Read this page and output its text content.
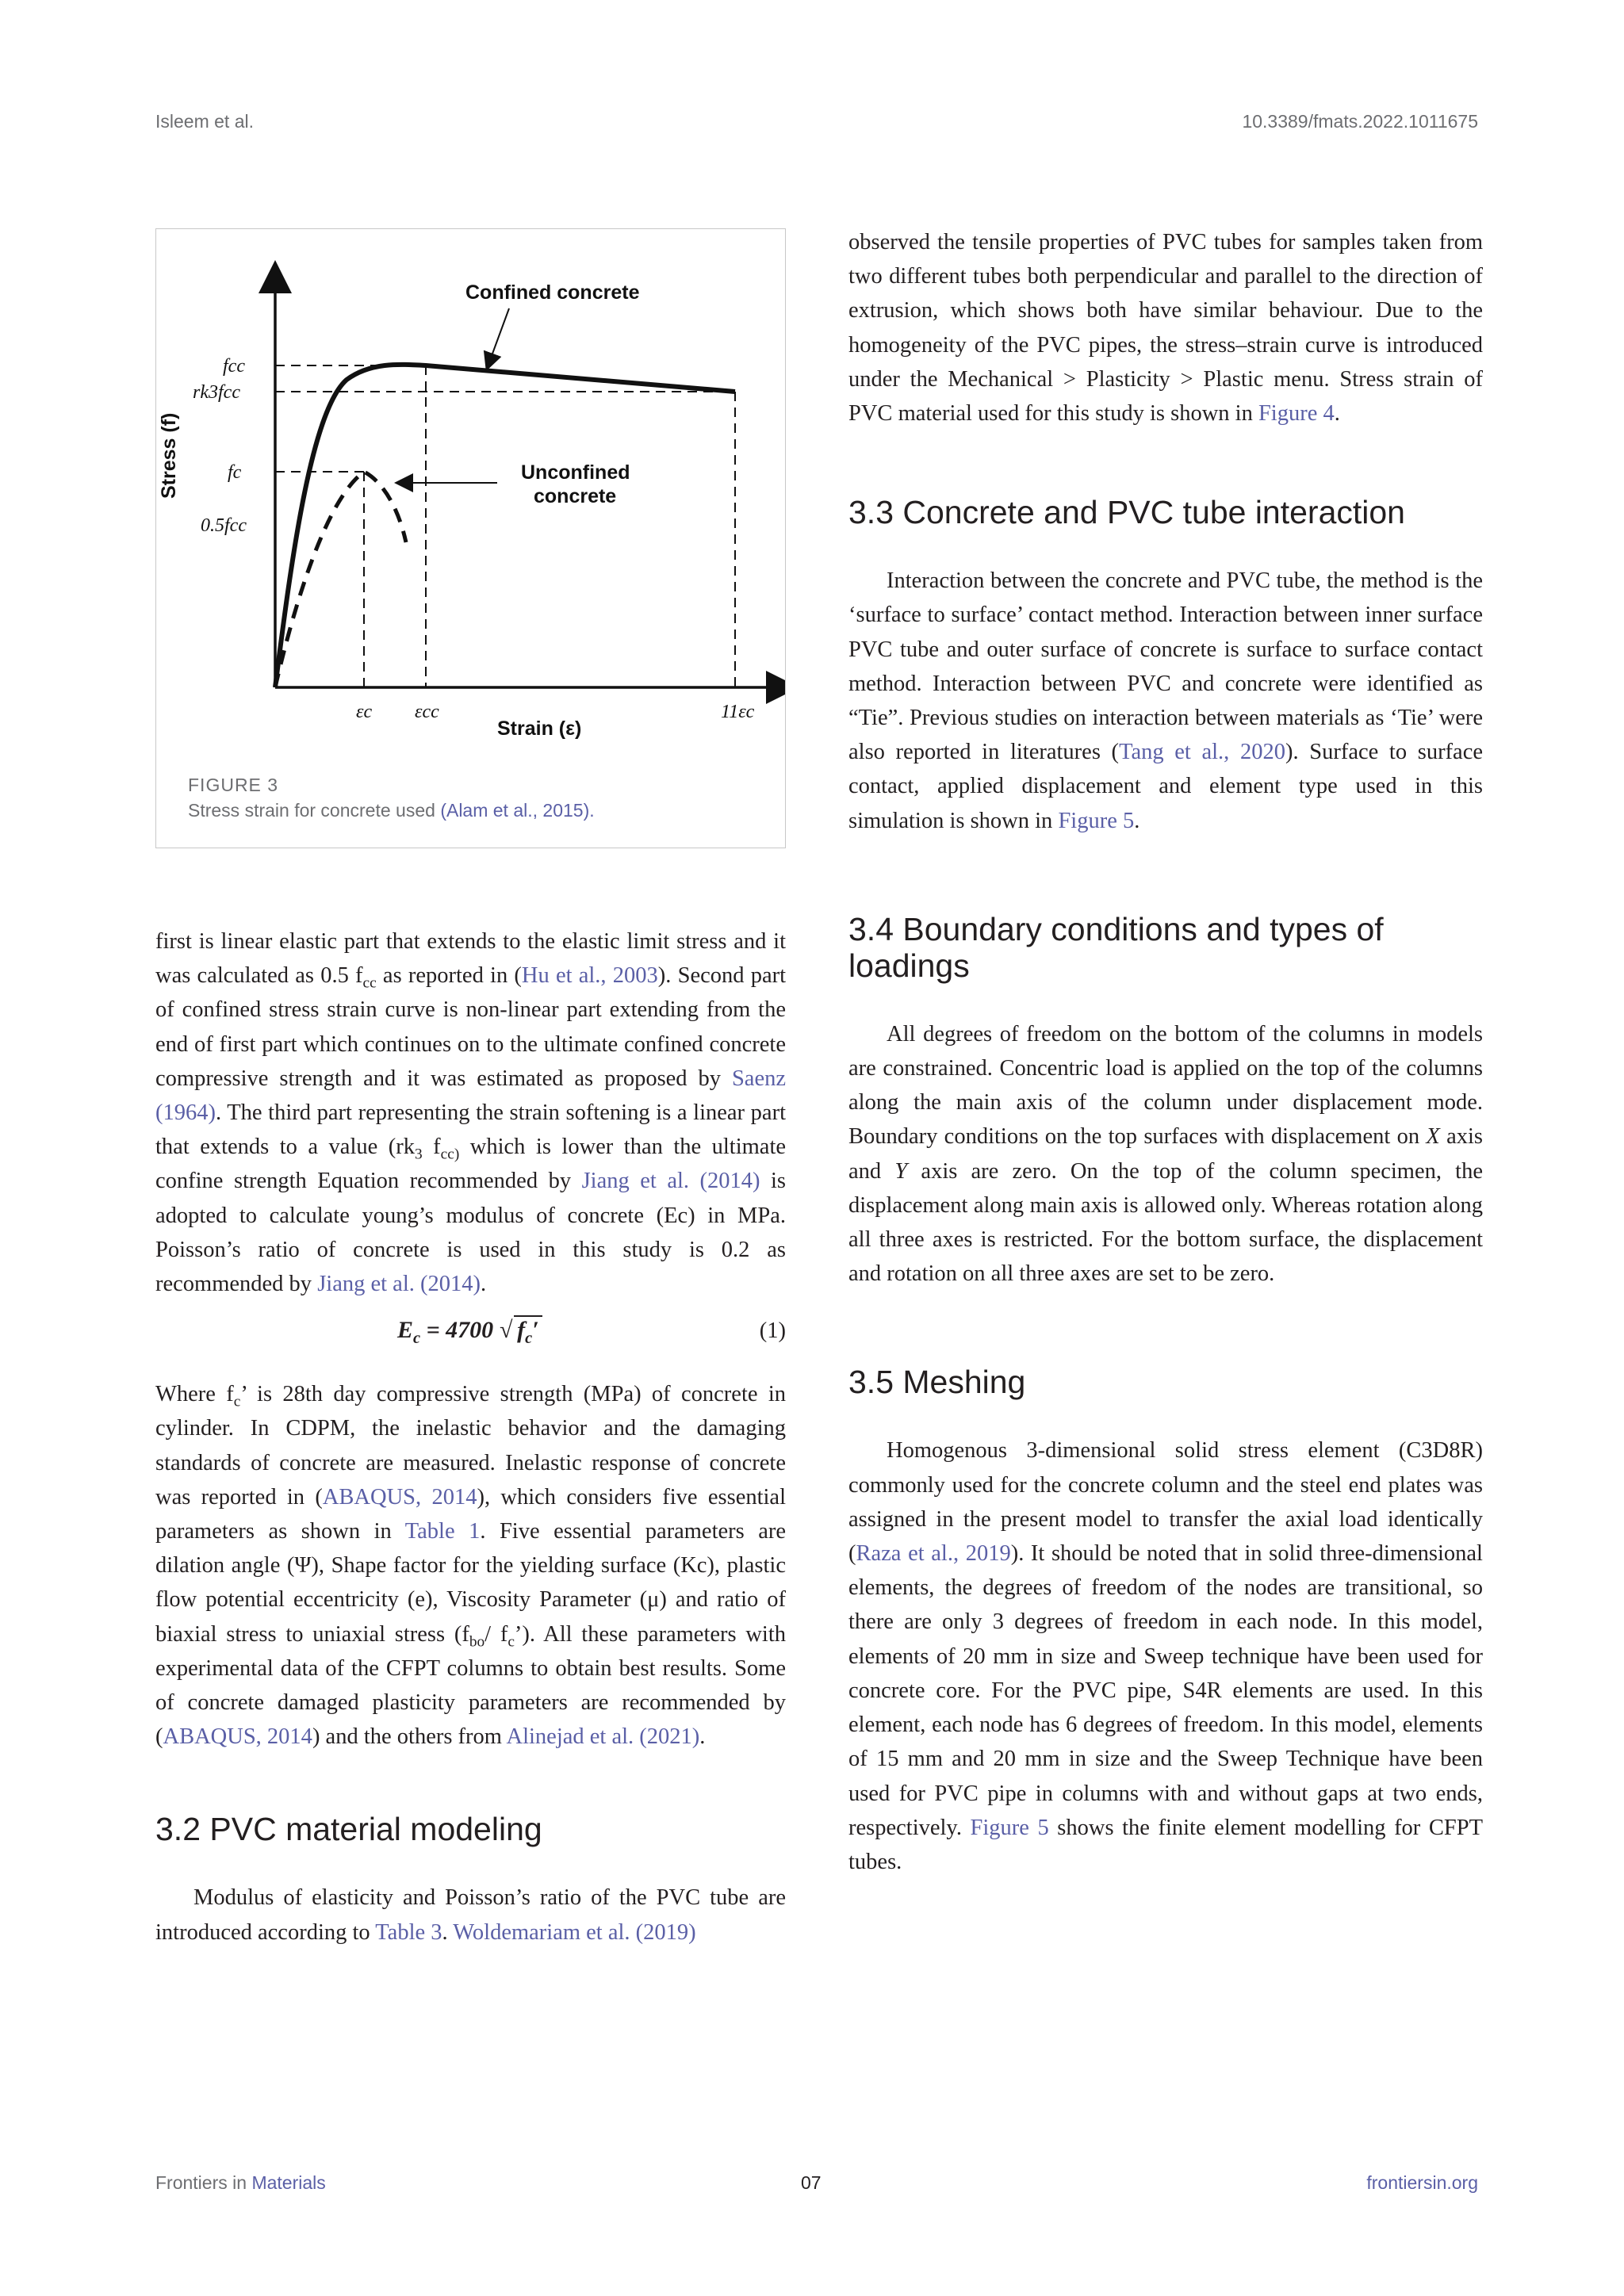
Isleem et al.	10.3389/fmats.2022.1011675
Confined concrete
Unconfined
concrete
Stress (f)
Strain (ε)
fcc
rk3fcc
fc
0.5fcc
εc εcc	11εc
FIGURE 3
Stress strain for concrete used (Alam et al., 2015).

first is linear elastic part that extends to the elastic limit stress and it was calculated as 0.5 $f_{cc}$ as reported in (Hu et al., 2003). Second part of confined stress strain curve is non-linear part extending from the end of first part which continues on to the ultimate confined concrete compressive strength and it was estimated as proposed by Saenz (1964). The third part representing the strain softening is a linear part that extends to a value ($rk_3$ $f_{cc)}$ which is lower than the ultimate confine strength Equation recommended by Jiang et al. (2014) is adopted to calculate young’s modulus of concrete (Ec) in MPa. Poisson’s ratio of concrete is used in this study is 0.2 as recommended by Jiang et al. (2014).

$E_c = 4700$ √ $f_c'$	(1)

Where $f_c$’ is 28th day compressive strength (MPa) of concrete in cylinder. In CDPM, the inelastic behavior and the damaging standards of concrete are measured. Inelastic response of concrete was reported in (ABAQUS, 2014), which considers five essential parameters as shown in Table 1. Five essential parameters are dilation angle (Ψ), Shape factor for the yielding surface (Kc), plastic flow potential eccentricity (e), Viscosity Parameter (μ) and ratio of biaxial stress to uniaxial stress ($f_{bo}/$ $f_c$’). All these parameters with experimental data of the CFPT columns to obtain best results. Some of concrete damaged plasticity parameters are recommended by (ABAQUS, 2014) and the others from Alinejad et al. (2021).

3.2 PVC material modeling

Modulus of elasticity and Poisson’s ratio of the PVC tube are introduced according to Table 3. Woldemariam et al. (2019)

observed the tensile properties of PVC tubes for samples taken from two different tubes both perpendicular and parallel to the direction of extrusion, which shows both have similar behaviour. Due to the homogeneity of the PVC pipes, the stress–strain curve is introduced under the Mechanical > Plasticity > Plastic menu. Stress strain of PVC material used for this study is shown in Figure 4.

3.3 Concrete and PVC tube interaction

Interaction between the concrete and PVC tube, the method is the ‘surface to surface’ contact method. Interaction between inner surface PVC tube and outer surface of concrete is surface to surface contact method. Interaction between PVC and concrete were identified as “Tie”. Previous studies on interaction between materials as ‘Tie’ were also reported in literatures (Tang et al., 2020). Surface to surface contact, applied displacement and element type used in this simulation is shown in Figure 5.

3.4 Boundary conditions and types of loadings

All degrees of freedom on the bottom of the columns in models are constrained. Concentric load is applied on the top of the columns along the main axis of the column under displacement mode. Boundary conditions on the top surfaces with displacement on X axis and Y axis are zero. On the top of the column specimen, the displacement along main axis is allowed only. Whereas rotation along all three axes is restricted. For the bottom surface, the displacement and rotation on all three axes are set to be zero.

3.5 Meshing

Homogenous 3-dimensional solid stress element (C3D8R) commonly used for the concrete column and the steel end plates was assigned in the present model to transfer the axial load identically (Raza et al., 2019). It should be noted that in solid three-dimensional elements, the degrees of freedom of the nodes are transitional, so there are only 3 degrees of freedom in each node. In this model, elements of 20 mm in size and Sweep technique have been used for concrete core. For the PVC pipe, S4R elements are used. In this element, each node has 6 degrees of freedom. In this model, elements of 15 mm and 20 mm in size and the Sweep Technique have been used for PVC pipe in columns with and without gaps at two ends, respectively. Figure 5 shows the finite element modelling for CFPT tubes.

Frontiers in Materials	07	frontiersin.org
